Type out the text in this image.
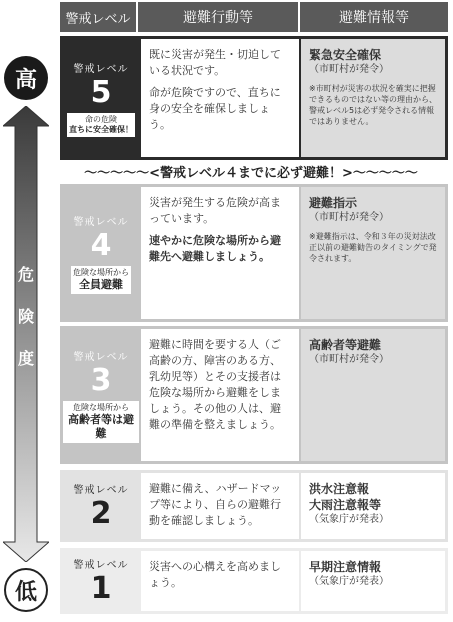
高
危
険
度
低
警戒レベル	避難行動等	避難情報等
警戒レベル
5
命の危険
直ちに安全確保！

既に災害が発生・切迫している状況です。

命が危険ですので、直ちに身の安全を確保しましょう。

緊急安全確保
（市町村が発令）
※市町村が災害の状況を確実に把握できるものではない等の理由から、警戒レベル5は必ず発令される情報ではありません。
〜〜〜〜〜<警戒レベル４までに必ず避難！>〜〜〜〜〜
警戒レベル
4
危険な場所から
全員避難

災害が発生する危険が高まっています。

速やかに危険な場所から避難先へ避難しましょう。

避難指示
（市町村が発令）
※避難指示は、令和３年の災対法改正以前の避難勧告のタイミングで発令されます。
警戒レベル
3
危険な場所から
高齢者等は避難

避難に時間を要する人（ご高齢の方、障害のある方、乳幼児等）とその支援者は危険な場所から避難をしましょう。その他の人は、避難の準備を整えましょう。

高齢者等避難
（市町村が発令）
警戒レベル
2

避難に備え、ハザードマップ等により、自らの避難行動を確認しましょう。

洪水注意報
大雨注意報等
（気象庁が発表）
警戒レベル
1

災害への心構えを高めましょう。

早期注意情報
（気象庁が発表）
